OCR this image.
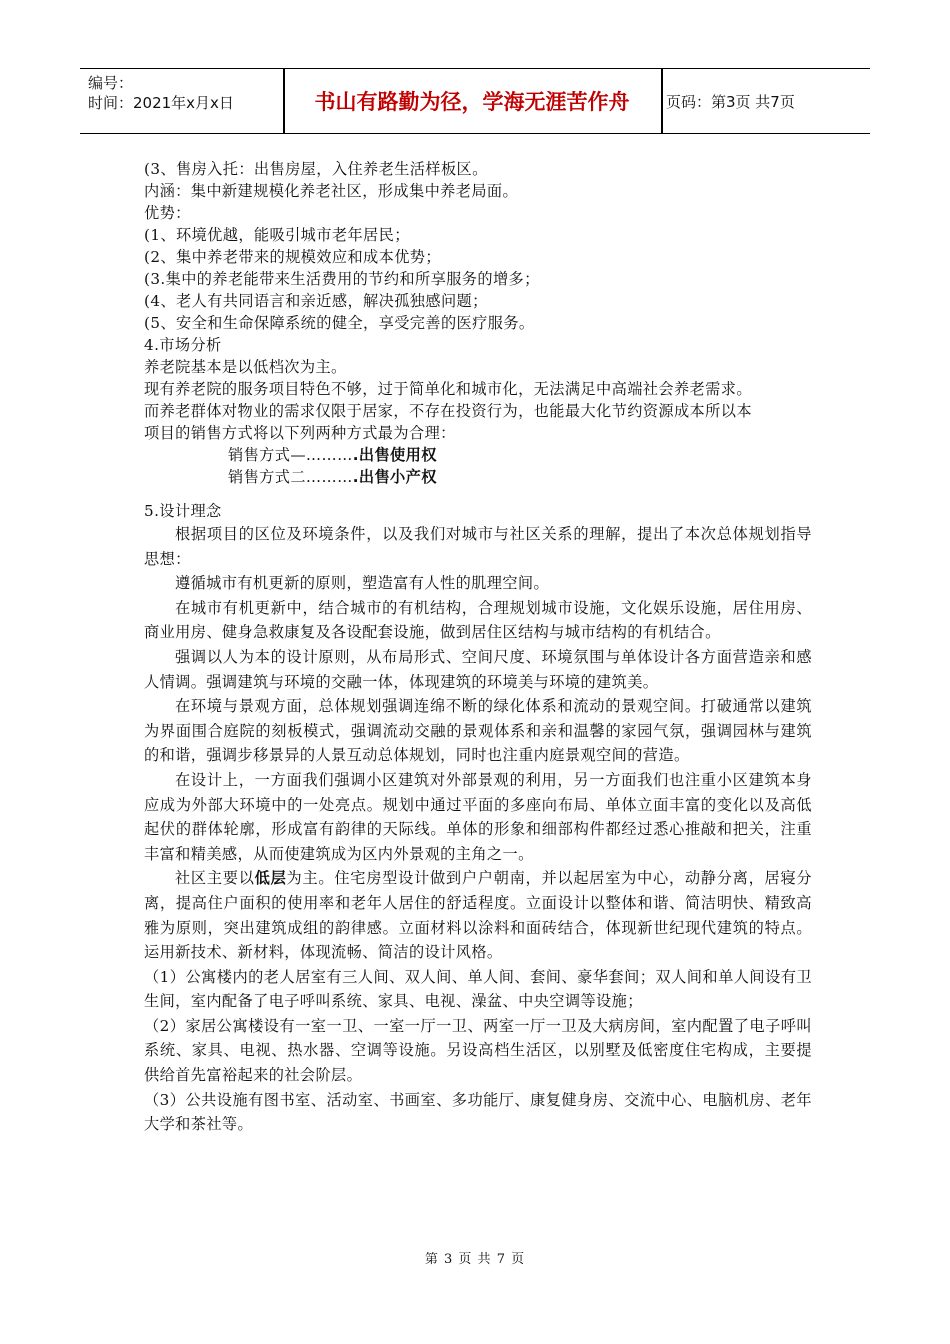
编号：
时间：2021年x月x日	书山有路勤为径，学海无涯苦作舟	页码：第3页 共7页
(3、售房入托：出售房屋，入住养老生活样板区。
内涵：集中新建规模化养老社区，形成集中养老局面。
优势：
(1、环境优越，能吸引城市老年居民；
(2、集中养老带来的规模效应和成本优势；
(3.集中的养老能带来生活费用的节约和所享服务的增多；
(4、老人有共同语言和亲近感，解决孤独感问题；
(5、安全和生命保障系统的健全，享受完善的医疗服务。
4.市场分析
养老院基本是以低档次为主。
现有养老院的服务项目特色不够，过于简单化和城市化，无法满足中高端社会养老需求。
而养老群体对物业的需求仅限于居家，不存在投资行为，也能最大化节约资源成本所以本
项目的销售方式将以下列两种方式最为合理：
销售方式—……….出售使用权
销售方式二……….出售小产权
5.设计理念
根据项目的区位及环境条件，以及我们对城市与社区关系的理解，提出了本次总体规划指导思想：
遵循城市有机更新的原则，塑造富有人性的肌理空间。
在城市有机更新中，结合城市的有机结构，合理规划城市设施，文化娱乐设施，居住用房、商业用房、健身急救康复及各设配套设施，做到居住区结构与城市结构的有机结合。
强调以人为本的设计原则，从布局形式、空间尺度、环境氛围与单体设计各方面营造亲和感人情调。强调建筑与环境的交融一体，体现建筑的环境美与环境的建筑美。
在环境与景观方面，总体规划强调连绵不断的绿化体系和流动的景观空间。打破通常以建筑为界面围合庭院的刻板模式，强调流动交融的景观体系和亲和温馨的家园气氛，强调园林与建筑的和谐，强调步移景异的人景互动总体规划，同时也注重内庭景观空间的营造。
在设计上，一方面我们强调小区建筑对外部景观的利用，另一方面我们也注重小区建筑本身应成为外部大环境中的一处亮点。规划中通过平面的多座向布局、单体立面丰富的变化以及高低起伏的群体轮廓，形成富有韵律的天际线。单体的形象和细部构件都经过悉心推敲和把关，注重丰富和精美感，从而使建筑成为区内外景观的主角之一。
社区主要以低层为主。住宅房型设计做到户户朝南，并以起居室为中心，动静分离，居寝分离，提高住户面积的使用率和老年人居住的舒适程度。立面设计以整体和谐、简洁明快、精致高雅为原则，突出建筑成组的韵律感。立面材料以涂料和面砖结合，体现新世纪现代建筑的特点。运用新技术、新材料，体现流畅、简洁的设计风格。
（1）公寓楼内的老人居室有三人间、双人间、单人间、套间、豪华套间；双人间和单人间设有卫生间，室内配备了电子呼叫系统、家具、电视、澡盆、中央空调等设施；
（2）家居公寓楼设有一室一卫、一室一厅一卫、两室一厅一卫及大病房间，室内配置了电子呼叫系统、家具、电视、热水器、空调等设施。另设高档生活区，以别墅及低密度住宅构成，主要提供给首先富裕起来的社会阶层。
（3）公共设施有图书室、活动室、书画室、多功能厅、康复健身房、交流中心、电脑机房、老年大学和茶社等。
第 3 页 共 7 页
